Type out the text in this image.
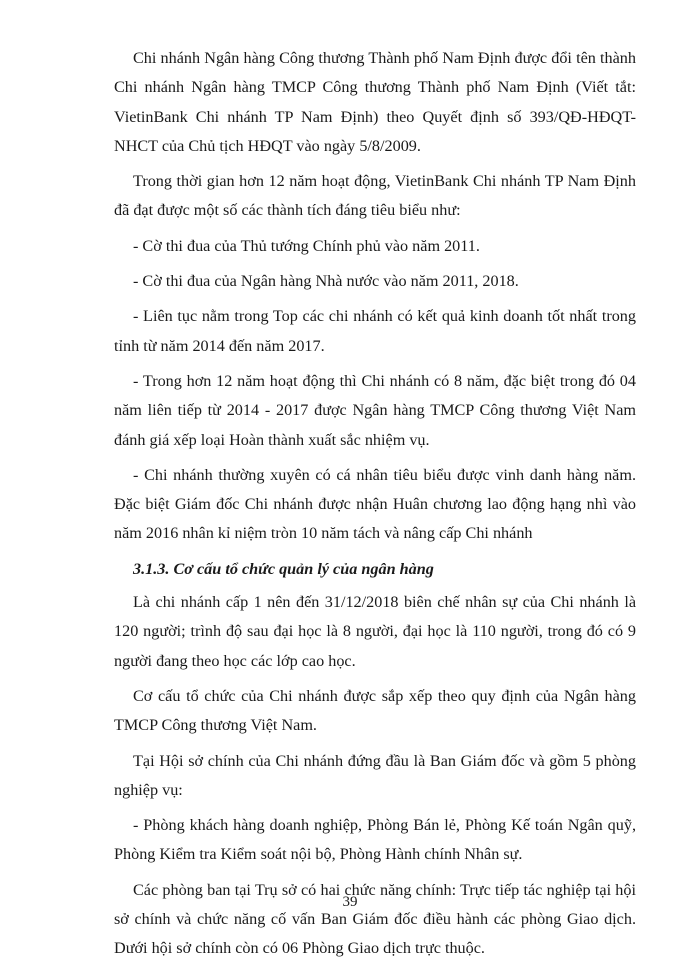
Chi nhánh Ngân hàng Công thương Thành phố Nam Định được đổi tên thành Chi nhánh Ngân hàng TMCP Công thương Thành phố Nam Định (Viết tắt: VietinBank Chi nhánh TP Nam Định) theo Quyết định số 393/QĐ-HĐQT-NHCT của Chủ tịch HĐQT vào ngày 5/8/2009.

Trong thời gian hơn 12 năm hoạt động, VietinBank Chi nhánh TP Nam Định đã đạt được một số các thành tích đáng tiêu biểu như:

- Cờ thi đua của Thủ tướng Chính phủ vào năm 2011.

- Cờ thi đua của Ngân hàng Nhà nước vào năm 2011, 2018.

- Liên tục nằm trong Top các chi nhánh có kết quả kinh doanh tốt nhất trong tỉnh từ năm 2014 đến năm 2017.

- Trong hơn 12 năm hoạt động thì Chi nhánh có 8 năm, đặc biệt trong đó 04 năm liên tiếp từ 2014 - 2017 được Ngân hàng TMCP Công thương Việt Nam đánh giá xếp loại Hoàn thành xuất sắc nhiệm vụ.

- Chi nhánh thường xuyên có cá nhân tiêu biểu được vinh danh hàng năm. Đặc biệt Giám đốc Chi nhánh được nhận Huân chương lao động hạng nhì vào năm 2016 nhân kỉ niệm tròn 10 năm tách và nâng cấp Chi nhánh

3.1.3. Cơ cấu tổ chức quản lý của ngân hàng

Là chi nhánh cấp 1 nên đến 31/12/2018 biên chế nhân sự của Chi nhánh là 120 người; trình độ sau đại học là 8 người, đại học là 110 người, trong đó có 9 người đang theo học các lớp cao học.

Cơ cấu tổ chức của Chi nhánh được sắp xếp theo quy định của Ngân hàng TMCP Công thương Việt Nam.

Tại Hội sở chính của Chi nhánh đứng đầu là Ban Giám đốc và gồm 5 phòng nghiệp vụ:

- Phòng khách hàng doanh nghiệp, Phòng Bán lẻ, Phòng Kế toán Ngân quỹ, Phòng Kiểm tra Kiểm soát nội bộ, Phòng Hành chính Nhân sự.

Các phòng ban tại Trụ sở có hai chức năng chính: Trực tiếp tác nghiệp tại hội sở chính và chức năng cố vấn Ban Giám đốc điều hành các phòng Giao dịch. Dưới hội sở chính còn có 06 Phòng Giao dịch trực thuộc.

39
